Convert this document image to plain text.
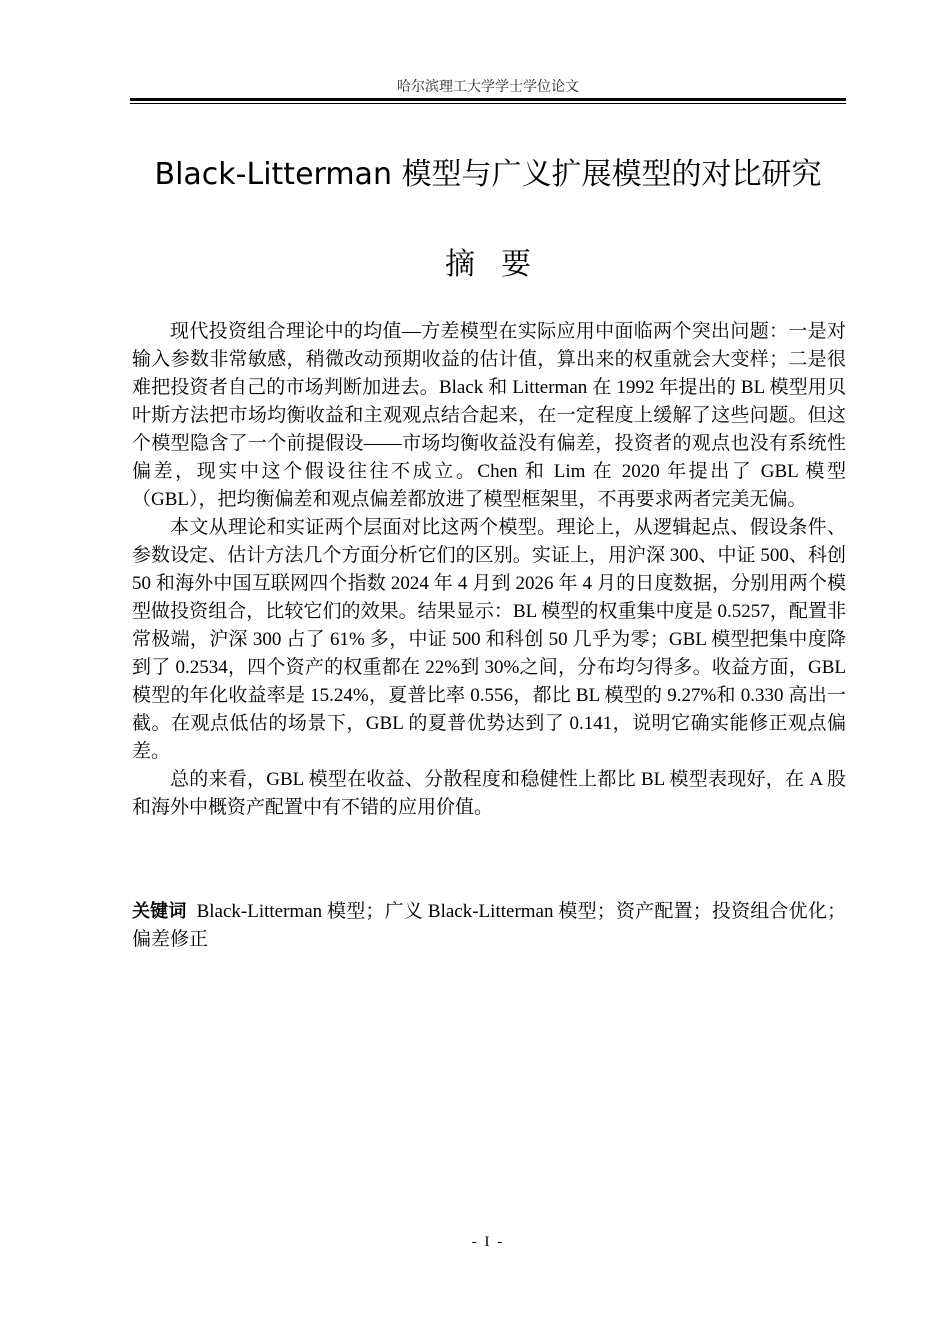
哈尔滨理工大学学士学位论文
Black-Litterman 模型与广义扩展模型的对比研究
摘要

现代投资组合理论中的均值—方差模型在实际应用中面临两个突出问题：一是对输入参数非常敏感，稍微改动预期收益的估计值，算出来的权重就会大变样；二是很难把投资者自己的市场判断加进去。Black 和 Litterman 在 1992 年提出的 BL 模型用贝叶斯方法把市场均衡收益和主观观点结合起来，在一定程度上缓解了这些问题。但这个模型隐含了一个前提假设——市场均衡收益没有偏差，投资者的观点也没有系统性偏差，现实中这个假设往往不成立。Chen 和 Lim 在 2020 年提出了 GBL 模型（GBL），把均衡偏差和观点偏差都放进了模型框架里，不再要求两者完美无偏。

本文从理论和实证两个层面对比这两个模型。理论上，从逻辑起点、假设条件、参数设定、估计方法几个方面分析它们的区别。实证上，用沪深 300、中证 500、科创 50 和海外中国互联网四个指数 2024 年 4 月到 2026 年 4 月的日度数据，分别用两个模型做投资组合，比较它们的效果。结果显示：BL 模型的权重集中度是 0.5257，配置非常极端，沪深 300 占了 61% 多，中证 500 和科创 50 几乎为零；GBL 模型把集中度降到了 0.2534，四个资产的权重都在 22%到 30%之间，分布均匀得多。收益方面，GBL 模型的年化收益率是 15.24%，夏普比率 0.556，都比 BL 模型的 9.27%和 0.330 高出一截。在观点低估的场景下，GBL 的夏普优势达到了 0.141，说明它确实能修正观点偏差。

总的来看，GBL 模型在收益、分散程度和稳健性上都比 BL 模型表现好，在 A 股和海外中概资产配置中有不错的应用价值。

关键词 Black-Litterman 模型；广义 Black-Litterman 模型；资产配置；投资组合优化；偏差修正

- I -
